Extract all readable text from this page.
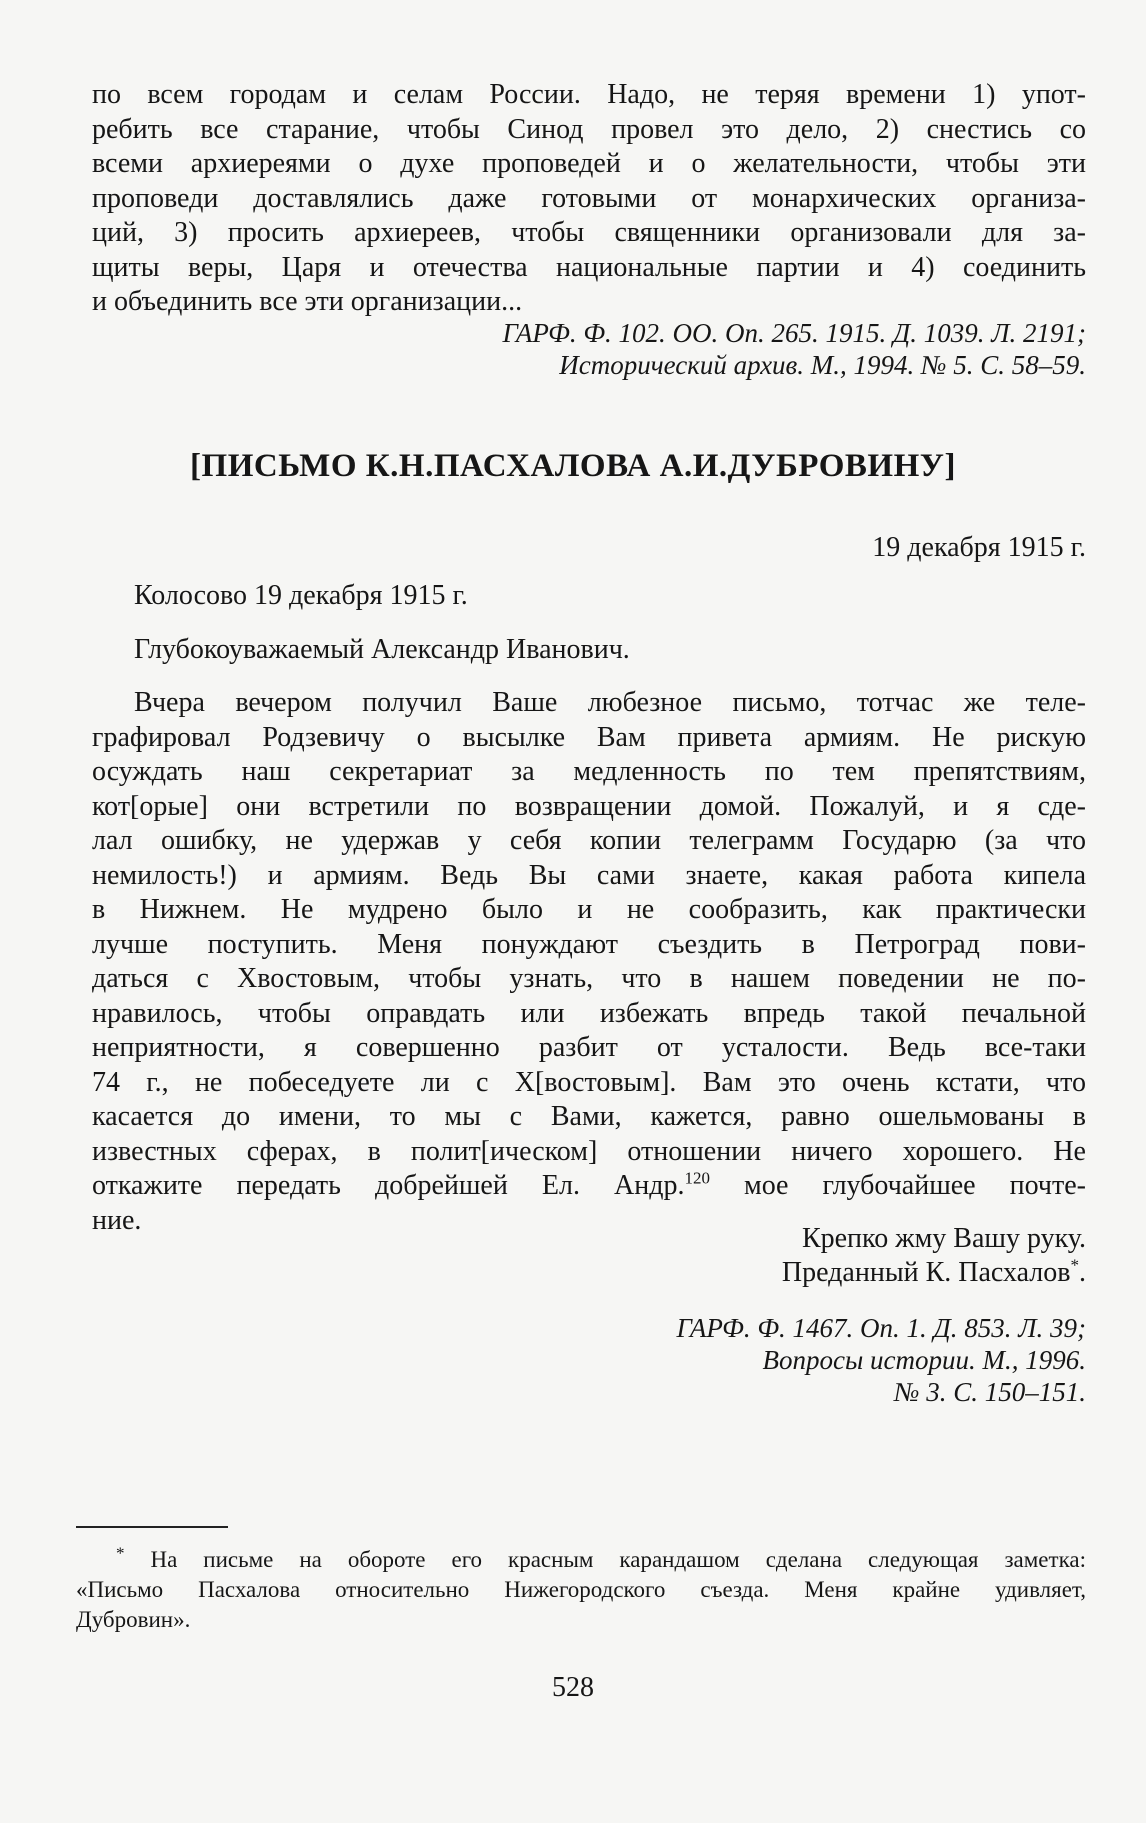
по всем городам и селам России. Надо, не теряя времени 1) упот-
ребить все старание, чтобы Синод провел это дело, 2) снестись со
всеми архиереями о духе проповедей и о желательности, чтобы эти
проповеди доставлялись даже готовыми от монархических организа-
ций, 3) просить архиереев, чтобы священники организовали для за-
щиты веры, Царя и отечества национальные партии и 4) соединить
и объединить все эти организации...
ГАРФ. Ф. 102. ОО. Оп. 265. 1915. Д. 1039. Л. 2191;
Исторический архив. М., 1994. № 5. С. 58–59.
[ПИСЬМО К.Н.ПАСХАЛОВА А.И.ДУБРОВИНУ]
19 декабря 1915 г.
Колосово 19 декабря 1915 г.
Глубокоуважаемый Александр Иванович.
Вчера вечером получил Ваше любезное письмо, тотчас же теле-
графировал Родзевичу о высылке Вам привета армиям. Не рискую
осуждать наш секретариат за медленность по тем препятствиям,
кот[орые] они встретили по возвращении домой. Пожалуй, и я сде-
лал ошибку, не удержав у себя копии телеграмм Государю (за что
немилость!) и армиям. Ведь Вы сами знаете, какая работа кипела
в Нижнем. Не мудрено было и не сообразить, как практически
лучше поступить. Меня понуждают съездить в Петроград пови-
даться с Хвостовым, чтобы узнать, что в нашем поведении не по-
нравилось, чтобы оправдать или избежать впредь такой печальной
неприятности, я совершенно разбит от усталости. Ведь все-таки
74 г., не побеседуете ли с Х[востовым]. Вам это очень кстати, что
касается до имени, то мы с Вами, кажется, равно ошельмованы в
известных сферах, в полит[ическом] отношении ничего хорошего. Не
откажите передать добрейшей Ел. Андр.$^{120}$ мое глубочайшее почте-
ние.
Крепко жму Вашу руку.
Преданный К. Пасхалов*.
ГАРФ. Ф. 1467. Оп. 1. Д. 853. Л. 39;
Вопросы истории. М., 1996.
№ 3. С. 150–151.
* На письме на обороте его красным карандашом сделана следующая заметка:
«Письмо Пасхалова относительно Нижегородского съезда. Меня крайне удивляет,
Дубровин».
528
